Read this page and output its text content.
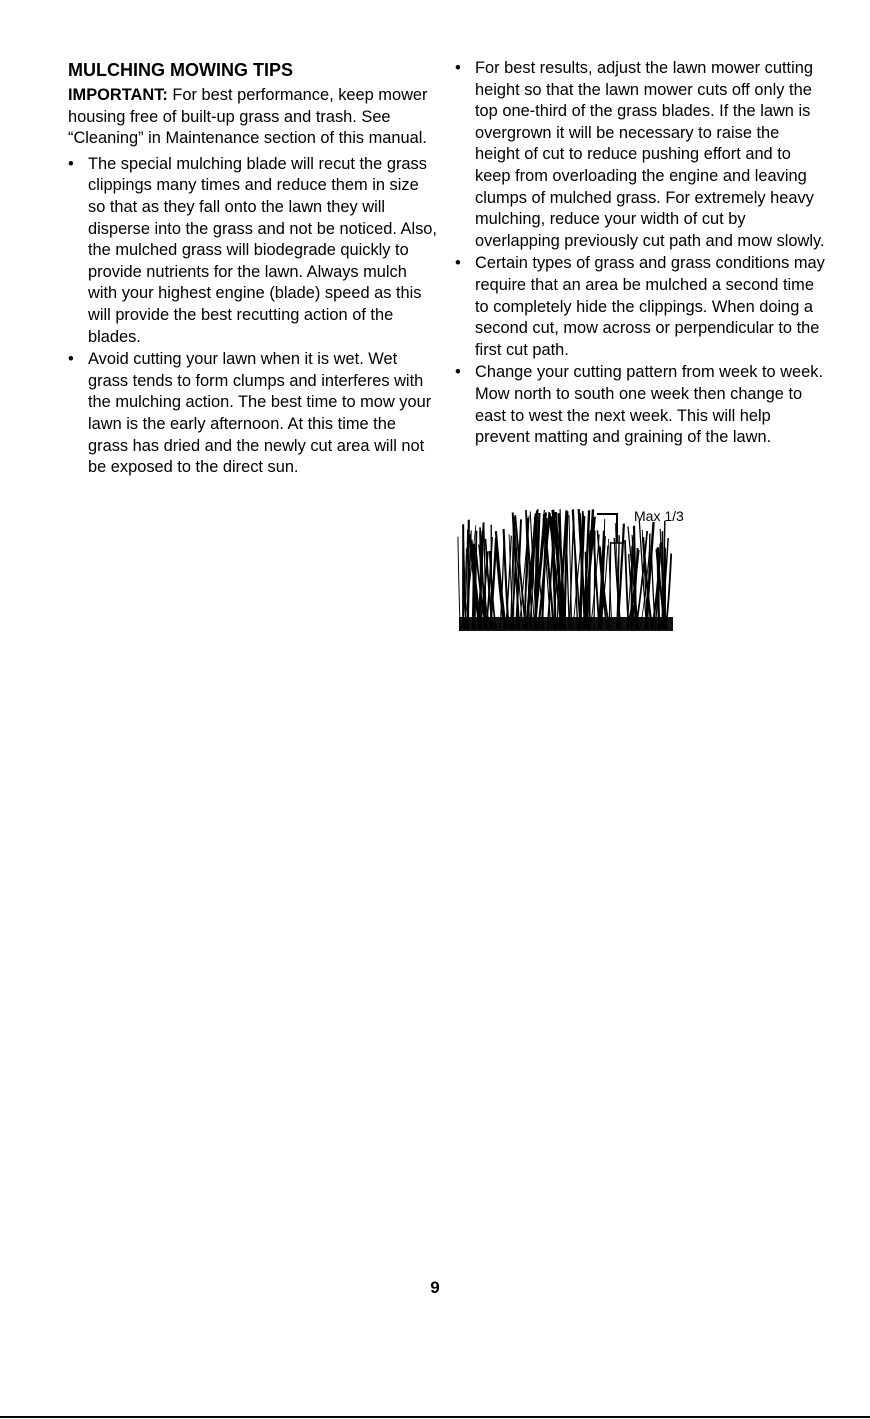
MULCHING MOWING TIPS

IMPORTANT: For best performance, keep mower housing free of built-up grass and trash. See “Cleaning” in Maintenance section of this manual.

• The special mulching blade will recut the grass clippings many times and reduce them in size so that as they fall onto the lawn they will disperse into the grass and not be noticed. Also, the mulched grass will biodegrade quickly to provide nutrients for the lawn. Always mulch with your highest engine (blade) speed as this will provide the best recutting action of the blades.
• Avoid cutting your lawn when it is wet. Wet grass tends to form clumps and interferes with the mulching action. The best time to mow your lawn is the early afternoon. At this time the grass has dried and the newly cut area will not be exposed to the direct sun.
• For best results, adjust the lawn mower cutting height so that the lawn mower cuts off only the top one-third of the grass blades. If the lawn is overgrown it will be necessary to raise the height of cut to reduce pushing effort and to keep from overloading the engine and leaving clumps of mulched grass. For extremely heavy mulching, reduce your width of cut by overlapping previously cut path and mow slowly.
• Certain types of grass and grass conditions may require that an area be mulched a second time to completely hide the clippings. When doing a second cut, mow across or perpendicular to the first cut path.
• Change your cutting pattern from week to week. Mow north to south one week then change to east to west the next week. This will help prevent matting and graining of the lawn.
Max 1/3
9
